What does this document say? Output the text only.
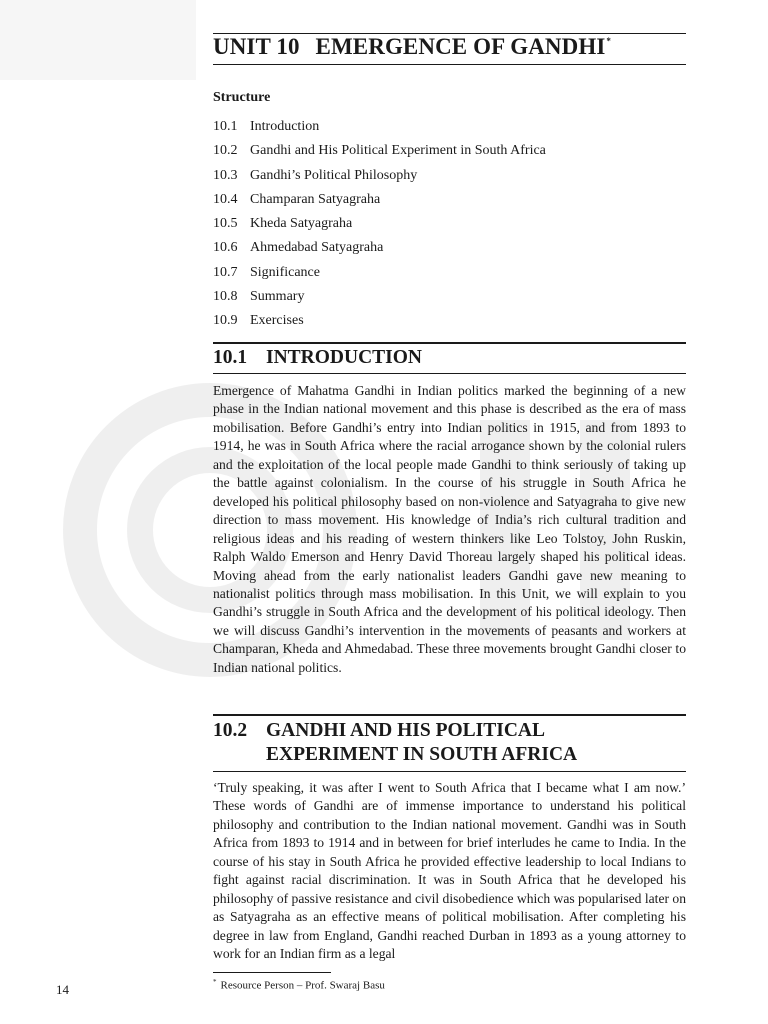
UNIT 10 EMERGENCE OF GANDHI*
Structure
10.1 Introduction
10.2 Gandhi and His Political Experiment in South Africa
10.3 Gandhi’s Political Philosophy
10.4 Champaran Satyagraha
10.5 Kheda Satyagraha
10.6 Ahmedabad Satyagraha
10.7 Significance
10.8 Summary
10.9 Exercises
10.1 INTRODUCTION

Emergence of Mahatma Gandhi in Indian politics marked the beginning of a new phase in the Indian national movement and this phase is described as the era of mass mobilisation. Before Gandhi’s entry into Indian politics in 1915, and from 1893 to 1914, he was in South Africa where the racial arrogance shown by the colonial rulers and the exploitation of the local people made Gandhi to think seriously of taking up the battle against colonialism. In the course of his struggle in South Africa he developed his political philosophy based on non-violence and Satyagraha to give new direction to mass movement. His knowledge of India’s rich cultural tradition and religious ideas and his reading of western thinkers like Leo Tolstoy, John Ruskin, Ralph Waldo Emerson and Henry David Thoreau largely shaped his political ideas. Moving ahead from the early nationalist leaders Gandhi gave new meaning to nationalist politics through mass mobilisation. In this Unit, we will explain to you Gandhi’s struggle in South Africa and the development of his political ideology. Then we will discuss Gandhi’s intervention in the movements of peasants and workers at Champaran, Kheda and Ahmedabad. These three movements brought Gandhi closer to Indian national politics.

10.2 GANDHI AND HIS POLITICAL
EXPERIMENT IN SOUTH AFRICA

‘Truly speaking, it was after I went to South Africa that I became what I am now.’ These words of Gandhi are of immense importance to understand his political philosophy and contribution to the Indian national movement. Gandhi was in South Africa from 1893 to 1914 and in between for brief interludes he came to India. In the course of his stay in South Africa he provided effective leadership to local Indians to fight against racial discrimination. It was in South Africa that he developed his philosophy of passive resistance and civil disobedience which was popularised later on as Satyagraha as an effective means of political mobilisation. After completing his degree in law from England, Gandhi reached Durban in 1893 as a young attorney to work for an Indian firm as a legal

* Resource Person – Prof. Swaraj Basu

14
